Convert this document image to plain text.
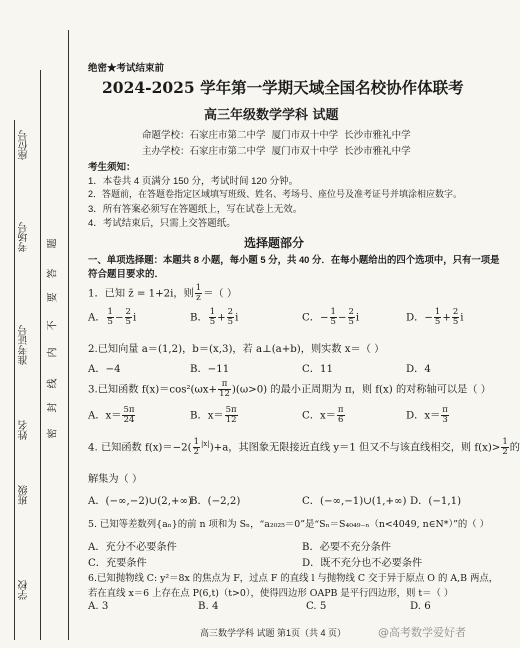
座位号
考场号
准考证号
姓名
班级
学校
题
答
要
不
内
线
封
密
绝密★考试结束前
2024-2025 学年第一学期天域全国名校协作体联考
高三年级数学学科 试题
命题学校：石家庄市第二中学 厦门市双十中学 长沙市雅礼中学
主办学校：石家庄市第二中学 厦门市双十中学 长沙市雅礼中学
考生须知：
1．本卷共 4 页满分 150 分，考试时间 120 分钟。
2．答题前，在答题卷指定区域填写班级、姓名、考场号、座位号及准考证号并填涂相应数字。
3．所有答案必须写在答题纸上，写在试卷上无效。
4．考试结束后，只需上交答题纸。
选择题部分
一、单项选择题：本题共 8 小题，每小题 5 分，共 40 分．在每小题给出的四个选项中，只有一项是
符合题目要求的．
1．已知 z̄ = 1+2i，则 $\frac{1}{z}$ ＝（ ）
A． $\frac{1}{5} - \frac{2}{5}$ i	B． $\frac{1}{5} + \frac{2}{5}$ i	C．− $\frac{1}{5} - \frac{2}{5}$ i	D．− $\frac{1}{5} + \frac{2}{5}$ i
2.已知向量 a＝(1,2)，b＝(x,3)，若 a⊥(a+b)，则实数 x＝（ ）
A．−4	B．−11	C．11	D．4
3.已知函数 $f(x)=\cos^2(\omega x+ \frac{\pi}{12} )(\omega>0)$ 的最小正周期为 π，则 f(x) 的对称轴可以是（ ）
A．$x= \frac{5\pi}{24}$	B．$x= \frac{5\pi}{12}$	C．$x= \frac{\pi}{6}$	D．$x= \frac{\pi}{3}$
4. 已知函数 $f(x)=-2( \frac{1}{2} ^{|x|})+a$，其图象无限接近直线 y＝1 但又不与该直线相交，则 $f(x)> \frac{1}{2}$ 的
解集为（ ）
A．(−∞,−2)∪(2,+∞)
B．(−2,2)	C．(−∞,−1)∪(1,+∞) D．(−1,1)
5. 已知等差数列{aₙ}的前 n 项和为 Sₙ，“a₂₀₂₅＝0”是“Sₙ＝S₄₀₄₉₋ₙ（n<4049, n∈N*）”的（ ）
A．充分不必要条件	B．必要不充分条件
C．充要条件	D．既不充分也不必要条件
6.已知抛物线 C: y²＝8x 的焦点为 F，过点 F 的直线 l 与抛物线 C 交于异于原点 O 的 A,B 两点，
若在直线 x＝6 上存在点 P(6,t)（t>0），使得四边形 OAPB 是平行四边形，则 t＝（ ）
A. 3	B. 4	C. 5	D. 6
高三数学学科 试题 第1页（共 4 页）	@高考数学爱好者
